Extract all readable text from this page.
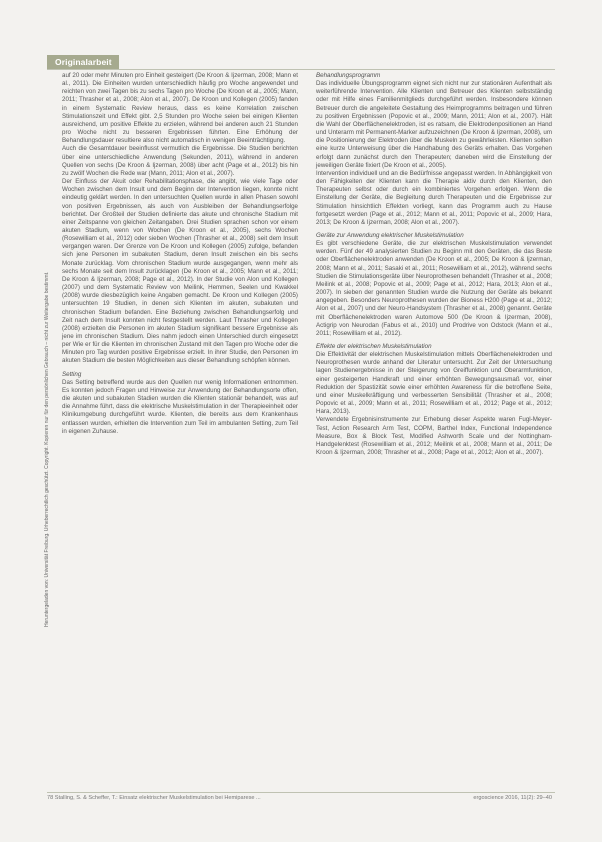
Originalarbeit
Heruntergeladen von: Universität Freiburg. Urheberrechtlich geschützt. Copyright. Kopieren nur für den persönlichen Gebrauch – nicht zur Weitergabe bestimmt.

auf 20 oder mehr Minuten pro Einheit gesteigert (De Kroon & Ijzerman, 2008; Mann et al., 2011). Die Einheiten wurden unterschiedlich häufig pro Woche angewendet und reichten von zwei Tagen bis zu sechs Tagen pro Woche (De Kroon et al., 2005; Mann, 2011; Thrasher et al., 2008; Alon et al., 2007). De Kroon und Kollegen (2005) fanden in einem Systematic Review heraus, dass es keine Korrelation zwischen Stimulationszeit und Effekt gibt. 2,5 Stunden pro Woche seien bei einigen Klienten ausreichend, um positive Effekte zu erzielen, während bei anderen auch 21 Stunden pro Woche nicht zu besseren Ergebnissen führten. Eine Erhöhung der Behandlungsdauer resultiere also nicht automatisch in wenigen Beeinträchtigung.

Auch die Gesamtdauer beeinflusst vermutlich die Ergebnisse. Die Studien berichten über eine unterschiedliche Anwendung (Sekunden, 2011), während in anderen Quellen von sechs (De Kroon & Ijzerman, 2008) über acht (Page et al., 2012) bis hin zu zwölf Wochen die Rede war (Mann, 2011; Alon et al., 2007).

Der Einfluss der Akuit oder Rehabilitationsphase, die angibt, wie viele Tage oder Wochen zwischen dem Insult und dem Beginn der Intervention liegen, konnte nicht eindeutig geklärt werden. In den untersuchten Quellen wurde in allen Phasen sowohl von positiven Ergebnissen, als auch von Ausbleiben der Behandlungserfolge berichtet. Der Großteil der Studien definierte das akute und chronische Stadium mit einer Zeitspanne von gleichen Zeitangaben. Drei Studien sprachen schon vor einem akuten Stadium, wenn von Wochen (De Kroon et al., 2005), sechs Wochen (Rosewilliam et al., 2012) oder sieben Wochen (Thrasher et al., 2008) seit dem Insult vergangen waren. Der Grenze von De Kroon und Kollegen (2005) zufolge, befanden sich jene Personen im subakuten Stadium, deren Insult zwischen ein bis sechs Monate zurücklag. Vom chronischen Stadium wurde ausgegangen, wenn mehr als sechs Monate seit dem Insult zurücklagen (De Kroon et al., 2005; Mann et al., 2011; De Kroon & Ijzerman, 2008; Page et al., 2012). In der Studie von Alon und Kollegen (2007) und dem Systematic Review von Meilink, Hemmen, Seelen und Kwakkel (2008) wurde diesbezüglich keine Angaben gemacht. De Kroon und Kollegen (2005) untersuchten 19 Studien, in denen sich Klienten im akuten, subakuten und chronischen Stadium befanden. Eine Beziehung zwischen Behandlungserfolg und Zeit nach dem Insult konnten nicht festgestellt werden. Laut Thrasher und Kollegen (2008) erzielten die Personen im akuten Stadium signifikant bessere Ergebnisse als jene im chronischen Stadium. Dies nahm jedoch einen Unterschied durch eingesetzt per Wie er für die Klienten im chronischen Zustand mit den Tagen pro Woche oder die Minuten pro Tag wurden positive Ergebnisse erzielt. In ihrer Studie, den Personen im akuten Stadium die besten Möglichkeiten aus dieser Behandlung schöpfen können.

Setting

Das Setting betreffend wurde aus den Quellen nur wenig Informationen entnommen. Es konnten jedoch Fragen und Hinweise zur Anwendung der Behandlungsorte offen, die akuten und subakuten Stadien wurden die Klienten stationär behandelt, was auf die Annahme führt, dass die elektrische Muskelstimulation in der Therapieeinheit oder Klinikumgebung durchgeführt wurde. Klienten, die bereits aus dem Krankenhaus entlassen wurden, erhielten die Intervention zum Teil im ambulanten Setting, zum Teil in eigenen Zuhause.

Behandlungsprogramm

Das individuelle Übungsprogramm eignet sich nicht nur zur stationären Aufenthalt als weiterführende Intervention. Alle Klienten und Betreuer des Klienten selbstständig oder mit Hilfe eines Familienmitglieds durchgeführt werden. Insbesondere können Betreuer durch die angeleitete Gestaltung des Heimprogramms beitragen und führen zu positiven Ergebnissen (Popovic et al., 2009; Mann, 2011; Alon et al., 2007). Hält die Wahl der Oberflächenelektroden, ist es ratsam, die Elektrodenpositionen an Hand und Unterarm mit Permanent-Marker aufzuzeichnen (De Kroon & Ijzerman, 2008), um die Positionierung der Elektroden über die Muskeln zu gewährleisten. Klienten sollten eine kurze Unterweisung über die Handhabung des Geräts erhalten. Das Vorgehen erfolgt dann zunächst durch den Therapeuten; daneben wird die Einstellung der jeweiligen Geräte fixiert (De Kroon et al., 2005).

Intervention individuell und an die Bedürfnisse angepasst werden. In Abhängigkeit von den Fähigkeiten der Klienten kann die Therapie aktiv durch den Klienten, den Therapeuten selbst oder durch ein kombiniertes Vorgehen erfolgen. Wenn die Einstellung der Geräte, die Begleitung durch Therapeuten und die Ergebnisse zur Stimulation hinsichtlich Effekten vorliegt, kann das Programm auch zu Hause fortgesetzt werden (Page et al., 2012; Mann et al., 2011; Popovic et al., 2009; Hara, 2013; De Kroon & Ijzerman, 2008; Alon et al., 2007).

Geräte zur Anwendung elektrischer Muskelstimulation

Es gibt verschiedene Geräte, die zur elektrischen Muskelstimulation verwendet werden. Fünf der 49 analysierten Studien zu Beginn mit den Geräten, die das Beste oder Oberflächenelektroden anwenden (De Kroon et al., 2005; De Kroon & Ijzerman, 2008; Mann et al., 2011; Sasaki et al., 2011; Rosewilliam et al., 2012), während sechs Studien die Stimulationsgeräte über Neuroprothesen behandelt (Thrasher et al., 2008; Meilink et al., 2008; Popovic et al., 2009; Page et al., 2012; Hara, 2013; Alon et al., 2007). In sieben der genannten Studien wurde die Nutzung der Geräte als bekannt angegeben. Besonders Neuroprothesen wurden der Bioness H200 (Page et al., 2012; Alon et al., 2007) und der Neuro-Handsystem (Thrasher et al., 2008) genannt. Geräte mit Oberflächenelektroden waren Automove 500 (De Kroon & Ijzerman, 2008), Actigrip von Neurodan (Fabus et al., 2010) und Prodrive von Odstock (Mann et al., 2011; Rosewilliam et al., 2012).

Effekte der elektrischen Muskelstimulation

Die Effektivität der elektrischen Muskelstimulation mittels Oberflächenelektroden und Neuroprothesen wurde anhand der Literatur untersucht. Zur Zeit der Untersuchung lagen Studienergebnisse in der Steigerung von Greiffunktion und Oberarmfunktion, einer gesteigerten Handkraft und einer erhöhten Bewegungsausmaß vor, einer Reduktion der Spastizität sowie einer erhöhten Awareness für die betroffene Seite, und einer Muskelkräftigung und verbesserten Sensibilität (Thrasher et al., 2008; Popovic et al., 2009; Mann et al., 2011; Rosewilliam et al., 2012; Page et al., 2012; Hara, 2013).

Verwendete Ergebnisinstrumente zur Erhebung dieser Aspekte waren Fugl-Meyer-Test, Action Research Arm Test, COPM, Barthel Index, Functional Independence Measure, Box & Block Test, Modified Ashworth Scale und der Nottingham-Handgelenktest (Rosewilliam et al., 2012; Meilink et al., 2008; Mann et al., 2011; De Kroon & Ijzerman, 2008; Thrasher et al., 2008; Page et al., 2012; Alon et al., 2007).

78 Stalling, S. & Scheffer, T.: Einsatz elektrischer Muskelstimulation bei Hemiparese ...	ergoscience 2016, 11(2): 29–40
